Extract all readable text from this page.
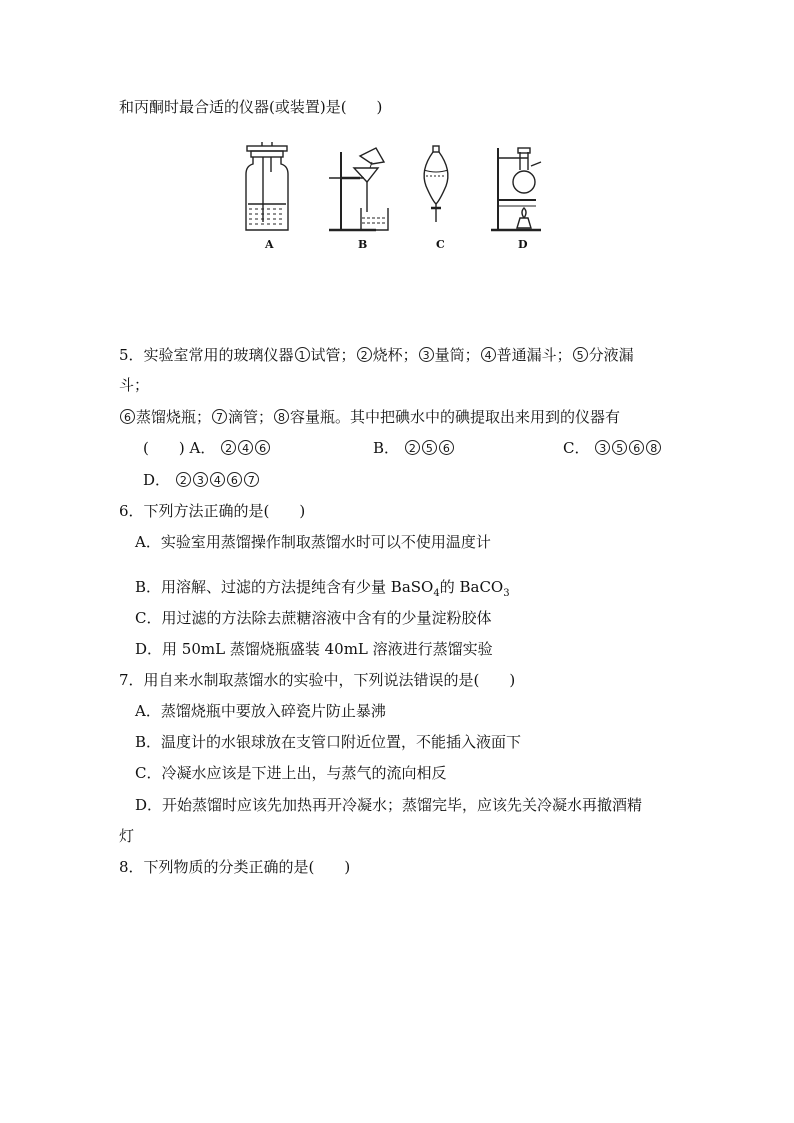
和丙酮时最合适的仪器(或装置)是(　　)
A	B	C	D
5．实验室常用的玻璃仪器 1 试管； 2 烧杯； 3 量筒； 4 普通漏斗； 5 分液漏
斗；
6 蒸馏烧瓶； 7 滴管； 8 容量瓶。其中把碘水中的碘提取出来用到的仪器有
(　　) A． 2 4 6	B． 2 5 6	C． 3 5 6 8
D． 2 3 4 6 7
6．下列方法正确的是(　　)
A．实验室用蒸馏操作制取蒸馏水时可以不使用温度计
B．用溶解、过滤的方法提纯含有少量 BaSO$_4$的 BaCO$_3$
C．用过滤的方法除去蔗糖溶液中含有的少量淀粉胶体
D．用 50mL 蒸馏烧瓶盛装 40mL 溶液进行蒸馏实验
7．用自来水制取蒸馏水的实验中，下列说法错误的是(　　)
A．蒸馏烧瓶中要放入碎瓷片防止暴沸
B．温度计的水银球放在支管口附近位置，不能插入液面下
C．冷凝水应该是下进上出，与蒸气的流向相反
D．开始蒸馏时应该先加热再开冷凝水；蒸馏完毕，应该先关冷凝水再撤酒精
灯
8．下列物质的分类正确的是(　　)
